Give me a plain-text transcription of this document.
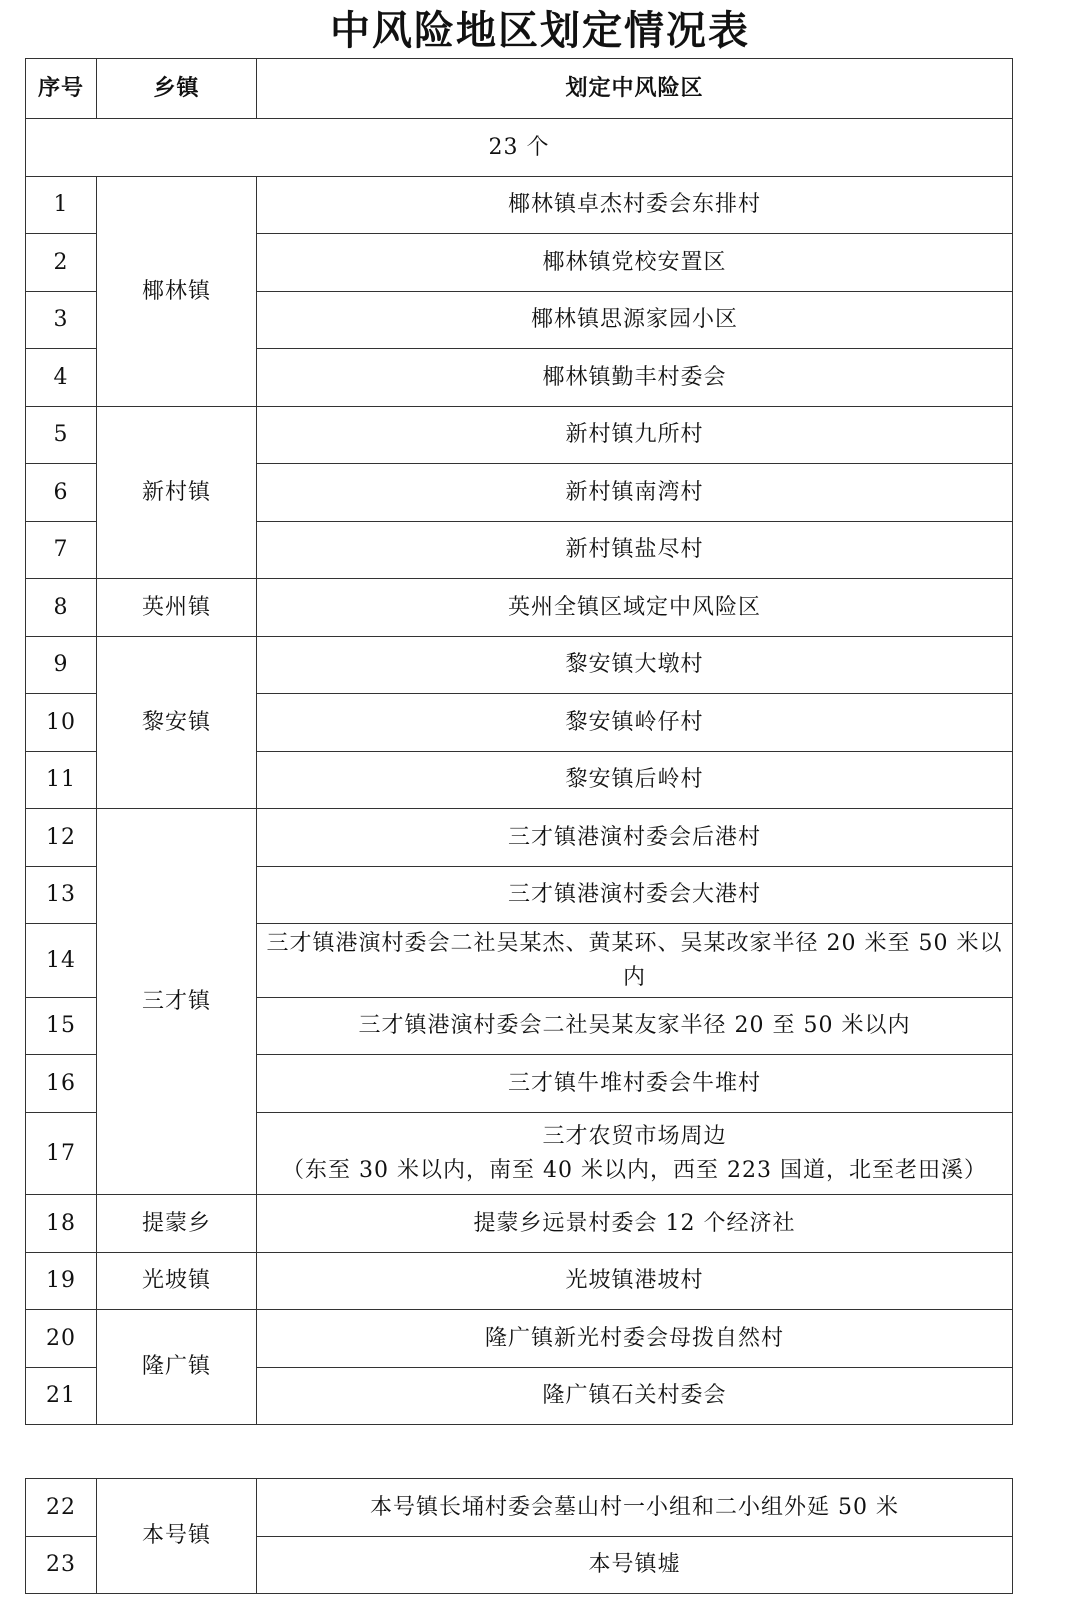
中风险地区划定情况表
序号	乡镇	划定中风险区
23 个		
1	椰林镇	椰林镇卓杰村委会东排村
2		椰林镇党校安置区
3		椰林镇思源家园小区
4		椰林镇勤丰村委会
5	新村镇	新村镇九所村
6		新村镇南湾村
7		新村镇盐尽村
8	英州镇	英州全镇区域定中风险区
9	黎安镇	黎安镇大墩村
10		黎安镇岭仔村
11		黎安镇后岭村
12	三才镇	三才镇港演村委会后港村
13		三才镇港演村委会大港村
14		三才镇港演村委会二社吴某杰、黄某环、吴某改家半径 20 米至 50 米以内
15		三才镇港演村委会二社吴某友家半径 20 至 50 米以内
16		三才镇牛堆村委会牛堆村
17		三才农贸市场周边
（东至 30 米以内，南至 40 米以内，西至 223 国道，北至老田溪）

18	提蒙乡	提蒙乡远景村委会 12 个经济社
19	光坡镇	光坡镇港坡村
20	隆广镇	隆广镇新光村委会母拨自然村
21		隆广镇石关村委会
22	本号镇	本号镇长埇村委会墓山村一小组和二小组外延 50 米
23		本号镇墟
